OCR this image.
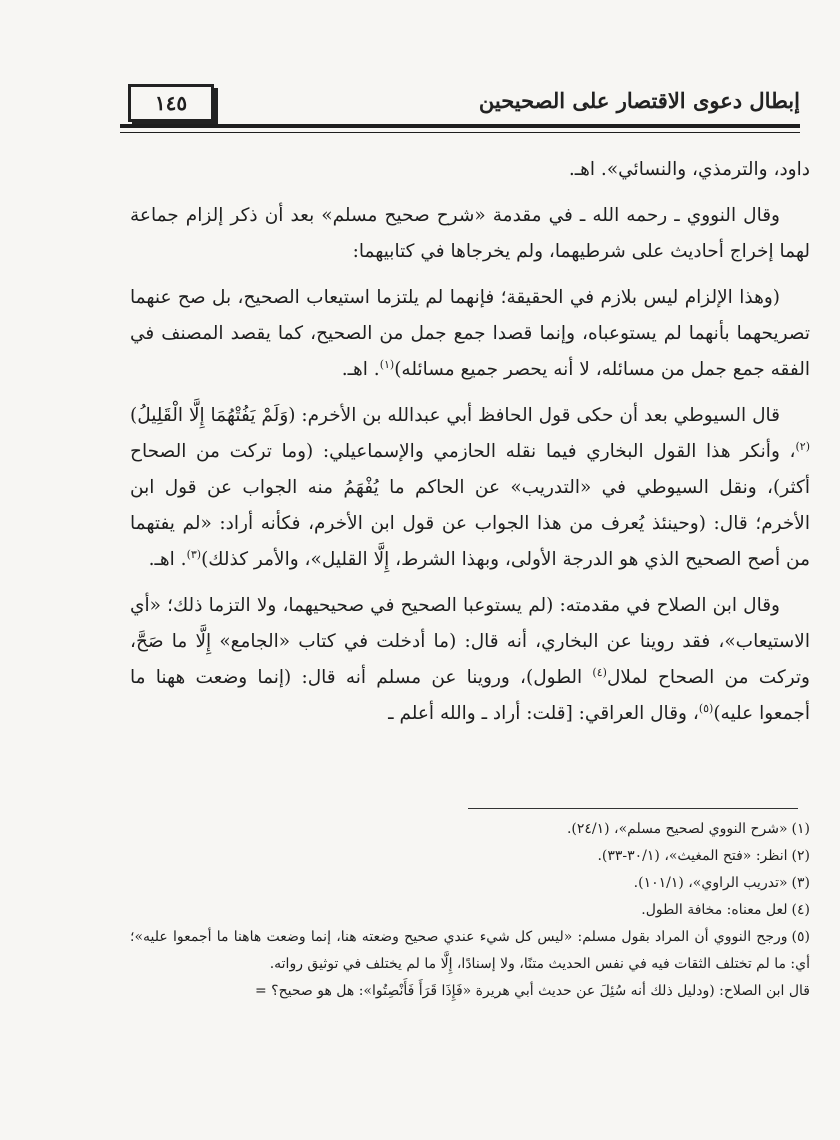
إبطال دعوى الاقتصار على الصحيحين
١٤٥

داود، والترمذي، والنسائي». اهـ.

وقال النووي ـ رحمه الله ـ في مقدمة «شرح صحيح مسلم» بعد أن ذكر إلزام جماعة لهما إخراج أحاديث على شرطيهما، ولم يخرجاها في كتابيهما:

(وهذا الإلزام ليس بلازم في الحقيقة؛ فإنهما لم يلتزما استيعاب الصحيح، بل صح عنهما تصريحهما بأنهما لم يستوعباه، وإنما قصدا جمع جمل من الصحيح، كما يقصد المصنف في الفقه جمع جمل من مسائله، لا أنه يحصر جميع مسائله)$^{(١)}$. اهـ.

قال السيوطي بعد أن حكى قول الحافظ أبي عبدالله بن الأخرم: (وَلَمْ يَفُتْهُمَا إِلَّا الْقَلِيلُ)$^{(٢)}$، وأنكر هذا القول البخاري فيما نقله الحازمي والإسماعيلي: (وما تركت من الصحاح أكثر)، ونقل السيوطي في «التدريب» عن الحاكم ما يُفْهَمُ منه الجواب عن قول ابن الأخرم؛ قال: (وحينئذ يُعرف من هذا الجواب عن قول ابن الأخرم، فكأنه أراد: «لم يفتهما من أصح الصحيح الذي هو الدرجة الأولى، وبهذا الشرط، إِلَّا القليل»، والأمر كذلك)$^{(٣)}$. اهـ.

وقال ابن الصلاح في مقدمته: (لم يستوعبا الصحيح في صحيحيهما، ولا التزما ذلك؛ «أي الاستيعاب»، فقد روينا عن البخاري، أنه قال: (ما أدخلت في كتاب «الجامع» إِلَّا ما صَحَّ، وتركت من الصحاح لملال$^{(٤)}$ الطول)، وروينا عن مسلم أنه قال: (إنما وضعت ههنا ما أجمعوا عليه)$^{(٥)}$، وقال العراقي: [قلت: أراد ـ والله أعلم ـ

(١)«شرح النووي لصحيح مسلم»، (٢٤/١).

(٢)انظر: «فتح المغيث»، (٣٠/١-٣٣).

(٣)«تدريب الراوي»، (١٠١/١).

(٤)لعل معناه: مخافة الطول.

(٥)ورجح النووي أن المراد بقول مسلم: «ليس كل شيء عندي صحيح وضعته هنا، إنما وضعت هاهنا ما أجمعوا عليه»؛ أي: ما لم تختلف الثقات فيه في نفس الحديث متنًا، ولا إسنادًا، إِلَّا ما لم يختلف في توثيق رواته.

قال ابن الصلاح: (ودليل ذلك أنه سُئِلَ عن حديث أبي هريرة «فَإِذَا قَرَأَ فَأَنْصِتُوا»: هل هو صحيح؟ =
